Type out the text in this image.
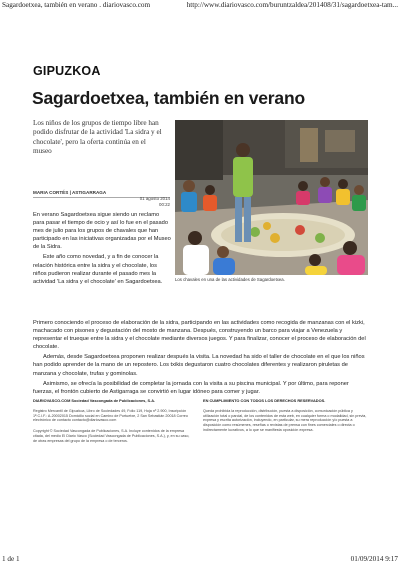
Sagardoetxea, también en verano . diariovasco.com	http://www.diariovasco.com/buruntzaldea/201408/31/sagardoetxea-tam...
GIPUZKOA
Sagardoetxea, también en verano
Los niños de los grupos de tiempo libre han podido disfrutar de la actividad 'La sidra y el chocolate', pero la oferta continúa en el museo
MARIA CORTÉS | ASTIGARRAGA
01 agosto 2014
00:22
Los chavales en una de las actividades de Sagardoetxea.

En verano Sagardoetxea sigue siendo un reclamo para pasar el tiempo de ocio y así lo fue en el pasado mes de julio para los grupos de chavales que han participado en las iniciativas organizadas por el Museo de la Sidra.

Este año como novedad, y a fin de conocer la relación histórica entre la sidra y el chocolate, los niños pudieron realizar durante el pasado mes la actividad 'La sidra y el chocolate' en Sagardoetxea.

Primero conociendo el proceso de elaboración de la sidra, participando en las actividades como recogida de manzanas con el kizki, machacado con pisones y degustación del mosto de manzana. Después, construyendo un barco para viajar a Venezuela y representar el trueque entre la sidra y el chocolate mediante diversos juegos. Y para finalizar, conocer el proceso de elaboración del chocolate.

Además, desde Sagardoetxea proponen realizar después la visita. La novedad ha sido el taller de chocolate en el que los niños han podido aprender de la mano de un repostero. Los txikis degustaron cuatro chocolates diferentes y realizaron piruletas de manzana y chocolate, trufas y gominolas.

Asimismo, se ofrecía la posibilidad de completar la jornada con la visita a su piscina municipal. Y por último, para reponer fuerzas, el frontón cubierto de Astigarraga se convirtió en lugar idóneo para comer y jugar.

DIARIOVASCO.COM Sociedad Vascongada de Publicaciones, S.A.
Registro Mercantil de Gipuzkoa, Libro de Sociedades 49, Folio 119, Hoja nº 2.900, Inscripción 1ª.C.I.F.: A-20002015 Domicilio social en Camino de Portuetxe, 2 San Sebastián 20018 Correo electrónico de contacto contacto@diariovasco.com
Copyright © Sociedad Vascongada de Publicaciones, S.A. Incluye contenidos de la empresa citada, del medio El Diario Vasco (Sociedad Vascongada de Publicaciones, S.A.), y, en su caso, de otras empresas del grupo de la empresa o de terceros.
EN CUMPLIMIENTO CON TODOS LOS DERECHOS RESERVADOS.
Queda prohibida la reproducción, distribución, puesta a disposición, comunicación pública y utilización total o parcial, de los contenidos de esta web, en cualquier forma o modalidad, sin previa, expresa y escrita autorización, incluyendo, en particular, su mera reproducción y/o puesta a disposición como resúmenes, reseñas o revistas de prensa con fines comerciales o directa o indirectamente lucrativos, a lo que se manifiesta oposición expresa.
1 de 1	01/09/2014 9:17
